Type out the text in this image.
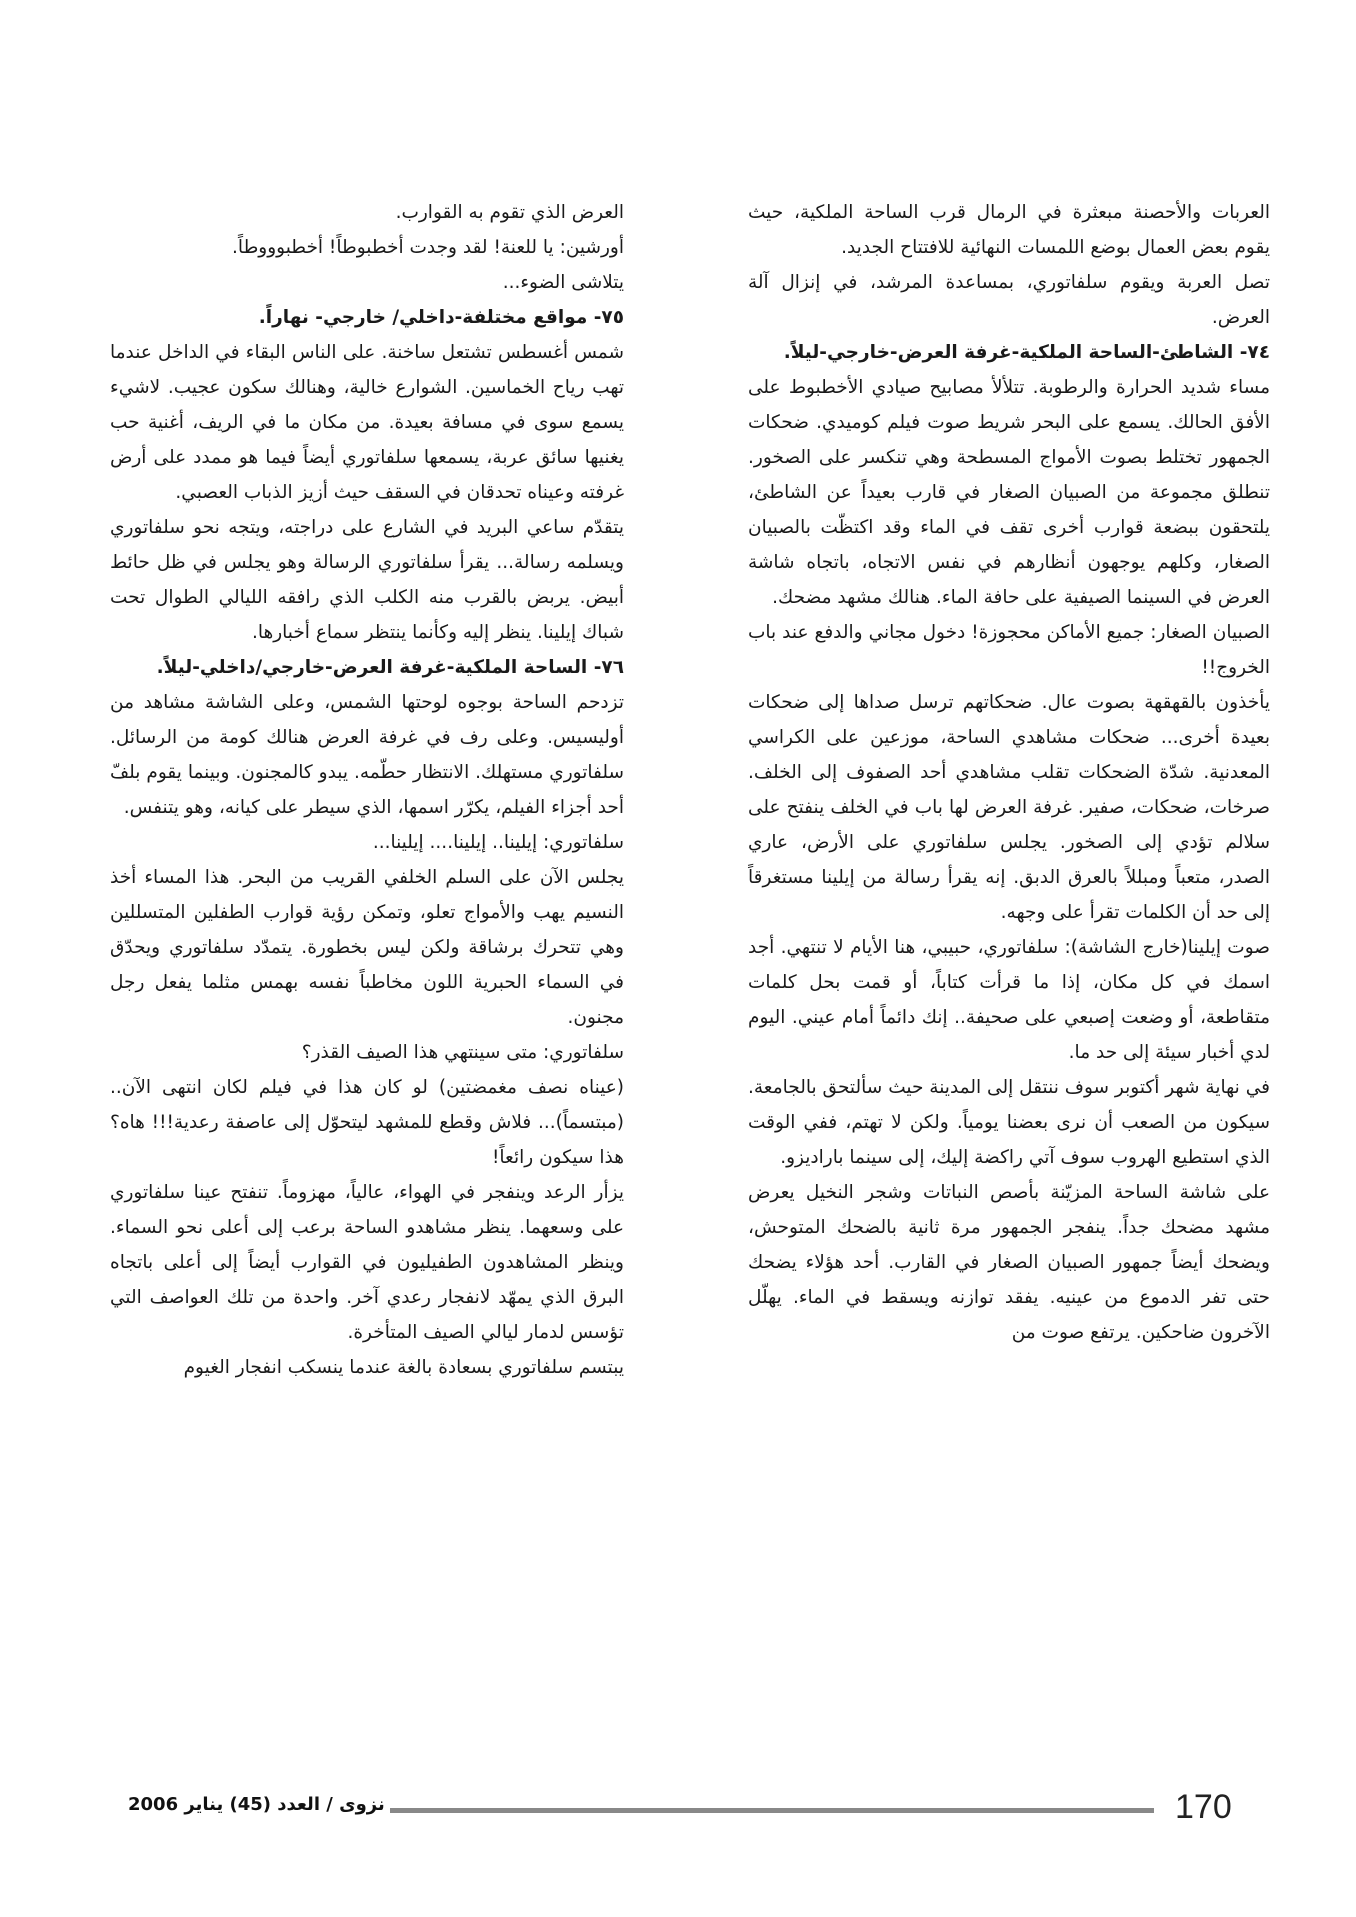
العربات والأحصنة مبعثرة في الرمال قرب الساحة الملكية، حيث يقوم بعض العمال بوضع اللمسات النهائية للافتتاح الجديد.

تصل العربة ويقوم سلفاتوري، بمساعدة المرشد، في إنزال آلة العرض.

٧٤- الشاطئ-الساحة الملكية-غرفة العرض-خارجي-ليلاً.

مساء شديد الحرارة والرطوبة. تتلألأ مصابيح صيادي الأخطبوط على الأفق الحالك. يسمع على البحر شريط صوت فيلم كوميدي. ضحكات الجمهور تختلط بصوت الأمواج المسطحة وهي تنكسر على الصخور. تنطلق مجموعة من الصبيان الصغار في قارب بعيداً عن الشاطئ، يلتحقون ببضعة قوارب أخرى تقف في الماء وقد اكتظّت بالصبيان الصغار، وكلهم يوجهون أنظارهم في نفس الاتجاه، باتجاه شاشة العرض في السينما الصيفية على حافة الماء. هنالك مشهد مضحك.

الصبيان الصغار: جميع الأماكن محجوزة! دخول مجاني والدفع عند باب الخروج!!

يأخذون بالقهقهة بصوت عال. ضحكاتهم ترسل صداها إلى ضحكات بعيدة أخرى... ضحكات مشاهدي الساحة، موزعين على الكراسي المعدنية. شدّة الضحكات تقلب مشاهدي أحد الصفوف إلى الخلف. صرخات، ضحكات، صفير. غرفة العرض لها باب في الخلف ينفتح على سلالم تؤدي إلى الصخور. يجلس سلفاتوري على الأرض، عاري الصدر، متعباً ومبللاً بالعرق الدبق. إنه يقرأ رسالة من إيلينا مستغرقاً إلى حد أن الكلمات تقرأ على وجهه.

صوت إيلينا(خارج الشاشة): سلفاتوري، حبيبي، هنا الأيام لا تنتهي. أجد اسمك في كل مكان، إذا ما قرأت كتاباً، أو قمت بحل كلمات متقاطعة، أو وضعت إصبعي على صحيفة.. إنك دائماً أمام عيني. اليوم لدي أخبار سيئة إلى حد ما.

في نهاية شهر أكتوبر سوف ننتقل إلى المدينة حيث سألتحق بالجامعة. سيكون من الصعب أن نرى بعضنا يومياً. ولكن لا تهتم، ففي الوقت الذي استطيع الهروب سوف آتي راكضة إليك، إلى سينما باراديزو.

على شاشة الساحة المزيّنة بأصص النباتات وشجر النخيل يعرض مشهد مضحك جداً. ينفجر الجمهور مرة ثانية بالضحك المتوحش، ويضحك أيضاً جمهور الصبيان الصغار في القارب. أحد هؤلاء يضحك حتى تفر الدموع من عينيه. يفقد توازنه ويسقط في الماء. يهلّل الآخرون ضاحكين. يرتفع صوت من

العرض الذي تقوم به القوارب.

أورشين: يا للعنة! لقد وجدت أخطبوطاً! أخطبوووطاً.

يتلاشى الضوء...

٧٥- مواقع مختلفة-داخلي/ خارجي- نهاراً.

شمس أغسطس تشتعل ساخنة. على الناس البقاء في الداخل عندما تهب رياح الخماسين. الشوارع خالية، وهنالك سكون عجيب. لاشيء يسمع سوى في مسافة بعيدة. من مكان ما في الريف، أغنية حب يغنيها سائق عربة، يسمعها سلفاتوري أيضاً فيما هو ممدد على أرض غرفته وعيناه تحدقان في السقف حيث أزيز الذباب العصبي.

يتقدّم ساعي البريد في الشارع على دراجته، ويتجه نحو سلفاتوري ويسلمه رسالة... يقرأ سلفاتوري الرسالة وهو يجلس في ظل حائط أبيض. يربض بالقرب منه الكلب الذي رافقه الليالي الطوال تحت شباك إيلينا. ينظر إليه وكأنما ينتظر سماع أخبارها.

٧٦- الساحة الملكية-غرفة العرض-خارجي/داخلي-ليلاً.

تزدحم الساحة بوجوه لوحتها الشمس، وعلى الشاشة مشاهد من أوليسيس. وعلى رف في غرفة العرض هنالك كومة من الرسائل. سلفاتوري مستهلك. الانتظار حطّمه. يبدو كالمجنون. وبينما يقوم بلفّ أحد أجزاء الفيلم، يكرّر اسمها، الذي سيطر على كيانه، وهو يتنفس.

سلفاتوري: إيلينا.. إيلينا.... إيلينا...

يجلس الآن على السلم الخلفي القريب من البحر. هذا المساء أخذ النسيم يهب والأمواج تعلو، وتمكن رؤية قوارب الطفلين المتسللين وهي تتحرك برشاقة ولكن ليس بخطورة. يتمدّد سلفاتوري ويحدّق في السماء الحبرية اللون مخاطباً نفسه بهمس مثلما يفعل رجل مجنون.

سلفاتوري: متى سينتهي هذا الصيف القذر؟

(عيناه نصف مغمضتين) لو كان هذا في فيلم لكان انتهى الآن.. (مبتسماً)... فلاش وقطع للمشهد ليتحوّل إلى عاصفة رعدية!!! هاه؟ هذا سيكون رائعاً!

يزأر الرعد وينفجر في الهواء، عالياً، مهزوماً. تنفتح عينا سلفاتوري على وسعهما. ينظر مشاهدو الساحة برعب إلى أعلى نحو السماء. وينظر المشاهدون الطفيليون في القوارب أيضاً إلى أعلى باتجاه البرق الذي يمهّد لانفجار رعدي آخر. واحدة من تلك العواصف التي تؤسس لدمار ليالي الصيف المتأخرة.

يبتسم سلفاتوري بسعادة بالغة عندما ينسكب انفجار الغيوم

170
نزوى / العدد (45) يناير 2006
